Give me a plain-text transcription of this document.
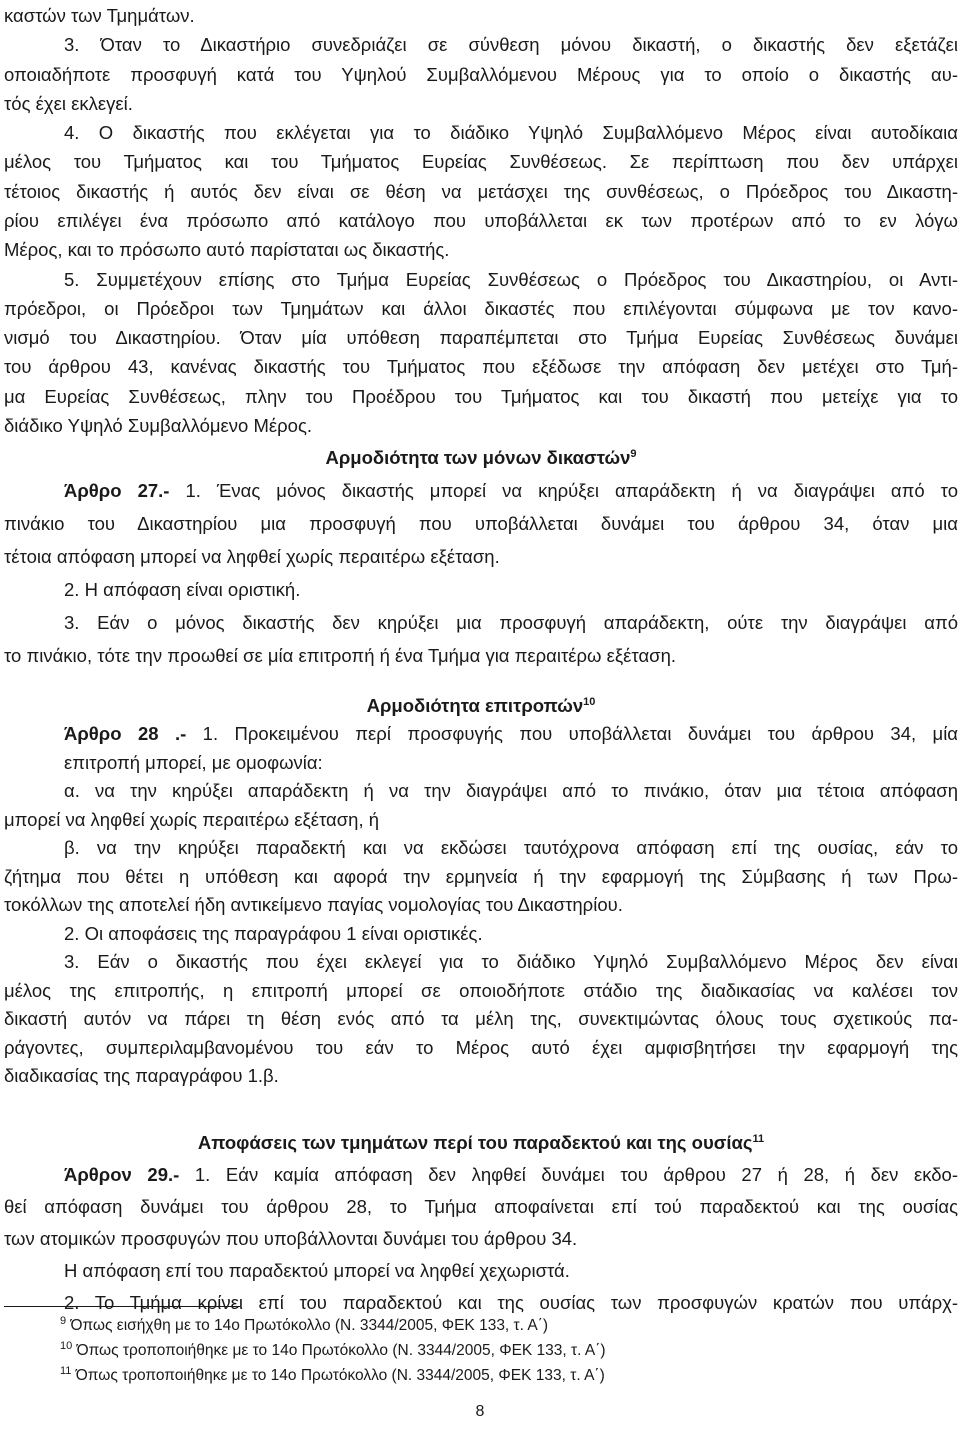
καστών των Τμημάτων.
3. Όταν το Δικαστήριο συνεδριάζει σε σύνθεση μόνου δικαστή, ο δικαστής δεν εξετάζει
οποιαδήποτε προσφυγή κατά του Υψηλού Συμβαλλόμενου Μέρους για το οποίο ο δικαστής αυ-
τός έχει εκλεγεί.
4. Ο δικαστής που εκλέγεται για το διάδικο Υψηλό Συμβαλλόμενο Μέρος είναι αυτοδίκαια
μέλος του Τμήματος και του Τμήματος Ευρείας Συνθέσεως. Σε περίπτωση που δεν υπάρχει
τέτοιος δικαστής ή αυτός δεν είναι σε θέση να μετάσχει της συνθέσεως, ο Πρόεδρος του Δικαστη-
ρίου επιλέγει ένα πρόσωπο από κατάλογο που υποβάλλεται εκ των προτέρων από το εν λόγω
Μέρος, και το πρόσωπο αυτό παρίσταται ως δικαστής.
5. Συμμετέχουν επίσης στο Τμήμα Ευρείας Συνθέσεως ο Πρόεδρος του Δικαστηρίου, οι Αντι-
πρόεδροι, οι Πρόεδροι των Τμημάτων και άλλοι δικαστές που επιλέγονται σύμφωνα με τον κανο-
νισμό του Δικαστηρίου. Όταν μία υπόθεση παραπέμπεται στο Τμήμα Ευρείας Συνθέσεως δυνάμει
του άρθρου 43, κανένας δικαστής του Τμήματος που εξέδωσε την απόφαση δεν μετέχει στο Τμή-
μα Ευρείας Συνθέσεως, πλην του Προέδρου του Τμήματος και του δικαστή που μετείχε για το
διάδικο Υψηλό Συμβαλλόμενο Μέρος.
Αρμοδιότητα των μόνων δικαστών$^9$
Άρθρο 27.- 1. Ένας μόνος δικαστής μπορεί να κηρύξει απαράδεκτη ή να διαγράψει από το
πινάκιο του Δικαστηρίου μια προσφυγή που υποβάλλεται δυνάμει του άρθρου 34, όταν μια
τέτοια απόφαση μπορεί να ληφθεί χωρίς περαιτέρω εξέταση.
2. Η απόφαση είναι οριστική.
3. Εάν ο μόνος δικαστής δεν κηρύξει μια προσφυγή απαράδεκτη, ούτε την διαγράψει από
το πινάκιο, τότε την προωθεί σε μία επιτροπή ή ένα Τμήμα για περαιτέρω εξέταση.
Αρμοδιότητα επιτροπών$^{10}$
Άρθρο 28 .- 1. Προκειμένου περί προσφυγής που υποβάλλεται δυνάμει του άρθρου 34, μία
επιτροπή μπορεί, με ομοφωνία:
α. να την κηρύξει απαράδεκτη ή να την διαγράψει από το πινάκιο, όταν μια τέτοια απόφαση
μπορεί να ληφθεί χωρίς περαιτέρω εξέταση, ή
β. να την κηρύξει παραδεκτή και να εκδώσει ταυτόχρονα απόφαση επί της ουσίας, εάν το
ζήτημα που θέτει η υπόθεση και αφορά την ερμηνεία ή την εφαρμογή της Σύμβασης ή των Πρω-
τοκόλλων της αποτελεί ήδη αντικείμενο παγίας νομολογίας του Δικαστηρίου.
2. Οι αποφάσεις της παραγράφου 1 είναι οριστικές.
3. Εάν ο δικαστής που έχει εκλεγεί για το διάδικο Υψηλό Συμβαλλόμενο Μέρος δεν είναι
μέλος της επιτροπής, η επιτροπή μπορεί σε οποιοδήποτε στάδιο της διαδικασίας να καλέσει τον
δικαστή αυτόν να πάρει τη θέση ενός από τα μέλη της, συνεκτιμώντας όλους τους σχετικούς πα-
ράγοντες, συμπεριλαμβανομένου του εάν το Μέρος αυτό έχει αμφισβητήσει την εφαρμογή της
διαδικασίας της παραγράφου 1.β.
Αποφάσεις των τμημάτων περί του παραδεκτού και της ουσίας$^{11}$
Άρθρον 29.- 1. Εάν καμία απόφαση δεν ληφθεί δυνάμει του άρθρου 27 ή 28, ή δεν εκδο-
θεί απόφαση δυνάμει του άρθρου 28, το Τμήμα αποφαίνεται επί τού παραδεκτού και της ουσίας
των ατομικών προσφυγών που υποβάλλονται δυνάμει του άρθρου 34.
Η απόφαση επί του παραδεκτού μπορεί να ληφθεί χεχωριστά.
2. Το Τμήμα κρίνει επί του παραδεκτού και της ουσίας των προσφυγών κρατών που υπάρχ-
$^9$ Όπως εισήχθη με το 14ο Πρωτόκολλο (Ν. 3344/2005, ΦΕΚ 133, τ. Α΄)
$^{10}$ Όπως τροποποιήθηκε με το 14ο Πρωτόκολλο (Ν. 3344/2005, ΦΕΚ 133, τ. Α΄)
$^{11}$ Όπως τροποποιήθηκε με το 14ο Πρωτόκολλο (Ν. 3344/2005, ΦΕΚ 133, τ. Α΄)
8
